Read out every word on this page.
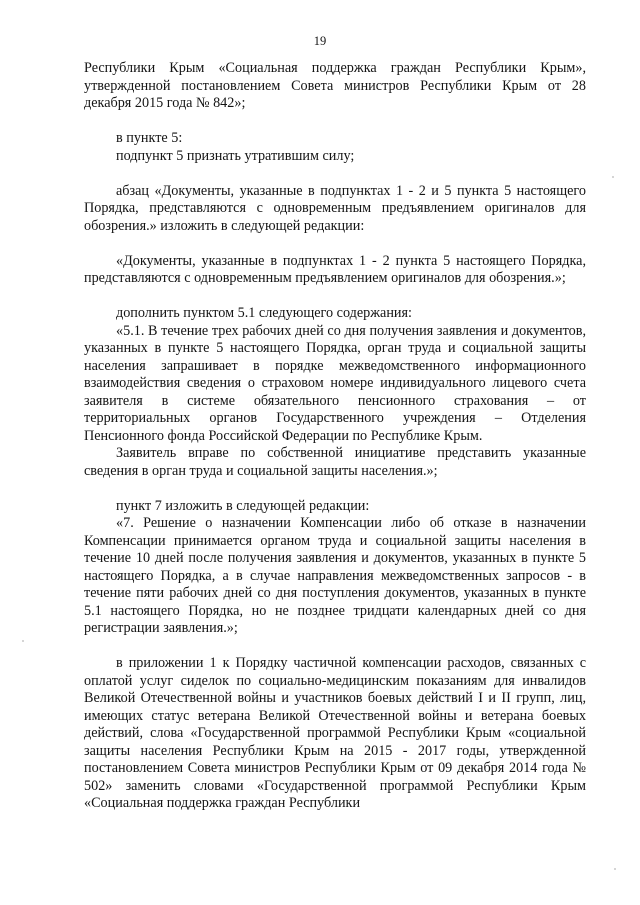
19

Республики Крым «Социальная поддержка граждан Республики Крым», утвержденной постановлением Совета министров Республики Крым от 28 декабря 2015 года № 842»;

в пункте 5:

подпункт 5 признать утратившим силу;

абзац «Документы, указанные в подпунктах 1 - 2 и 5 пункта 5 настоящего Порядка, представляются с одновременным предъявлением оригиналов для обозрения.» изложить в следующей редакции:

«Документы, указанные в подпунктах 1 - 2 пункта 5 настоящего Порядка, представляются с одновременным предъявлением оригиналов для обозрения.»;

дополнить пунктом 5.1 следующего содержания:

«5.1. В течение трех рабочих дней со дня получения заявления и документов, указанных в пункте 5 настоящего Порядка, орган труда и социальной защиты населения запрашивает в порядке межведомственного информационного взаимодействия сведения о страховом номере индивидуального лицевого счета заявителя в системе обязательного пенсионного страхования – от территориальных органов Государственного учреждения – Отделения Пенсионного фонда Российской Федерации по Республике Крым.

Заявитель вправе по собственной инициативе представить указанные сведения в орган труда и социальной защиты населения.»;

пункт 7 изложить в следующей редакции:

«7. Решение о назначении Компенсации либо об отказе в назначении Компенсации принимается органом труда и социальной защиты населения в течение 10 дней после получения заявления и документов, указанных в пункте 5 настоящего Порядка, а в случае направления межведомственных запросов - в течение пяти рабочих дней со дня поступления документов, указанных в пункте 5.1 настоящего Порядка, но не позднее тридцати календарных дней со дня регистрации заявления.»;

в приложении 1 к Порядку частичной компенсации расходов, связанных с оплатой услуг сиделок по социально-медицинским показаниям для инвалидов Великой Отечественной войны и участников боевых действий I и II групп, лиц, имеющих статус ветерана Великой Отечественной войны и ветерана боевых действий, слова «Государственной программой Республики Крым «социальной защиты населения Республики Крым на 2015 - 2017 годы, утвержденной постановлением Совета министров Республики Крым от 09 декабря 2014 года № 502» заменить словами «Государственной программой Республики Крым «Социальная поддержка граждан Республики
